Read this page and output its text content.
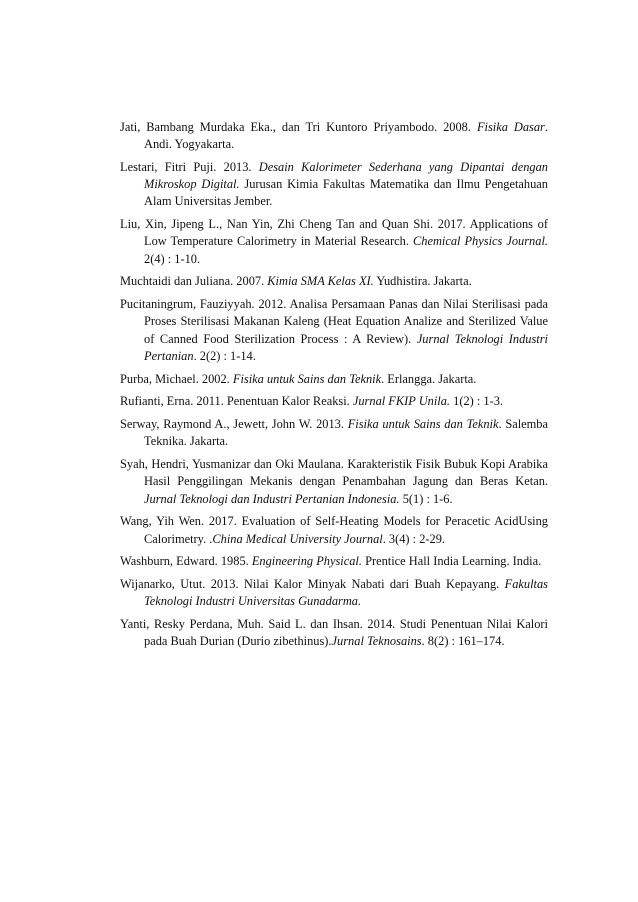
Jati, Bambang Murdaka Eka., dan Tri Kuntoro Priyambodo. 2008. Fisika Dasar. Andi. Yogyakarta.
Lestari, Fitri Puji. 2013. Desain Kalorimeter Sederhana yang Dipantai dengan Mikroskop Digital. Jurusan Kimia Fakultas Matematika dan Ilmu Pengetahuan Alam Universitas Jember.
Liu, Xin, Jipeng L., Nan Yin, Zhi Cheng Tan and Quan Shi. 2017. Applications of Low Temperature Calorimetry in Material Research. Chemical Physics Journal. 2(4) : 1-10.
Muchtaidi dan Juliana. 2007. Kimia SMA Kelas XI. Yudhistira. Jakarta.
Pucitaningrum, Fauziyyah. 2012. Analisa Persamaan Panas dan Nilai Sterilisasi pada Proses Sterilisasi Makanan Kaleng (Heat Equation Analize and Sterilized Value of Canned Food Sterilization Process : A Review). Jurnal Teknologi Industri Pertanian. 2(2) : 1-14.
Purba, Michael. 2002. Fisika untuk Sains dan Teknik. Erlangga. Jakarta.
Rufianti, Erna. 2011. Penentuan Kalor Reaksi. Jurnal FKIP Unila. 1(2) : 1-3.
Serway, Raymond A., Jewett, John W. 2013. Fisika untuk Sains dan Teknik. Salemba Teknika. Jakarta.
Syah, Hendri, Yusmanizar dan Oki Maulana. Karakteristik Fisik Bubuk Kopi Arabika Hasil Penggilingan Mekanis dengan Penambahan Jagung dan Beras Ketan. Jurnal Teknologi dan Industri Pertanian Indonesia. 5(1) : 1-6.
Wang, Yih Wen. 2017. Evaluation of Self-Heating Models for Peracetic AcidUsing Calorimetry. .China Medical University Journal. 3(4) : 2-29.
Washburn, Edward. 1985. Engineering Physical. Prentice Hall India Learning. India.
Wijanarko, Utut. 2013. Nilai Kalor Minyak Nabati dari Buah Kepayang. Fakultas Teknologi Industri Universitas Gunadarma.
Yanti, Resky Perdana, Muh. Said L. dan Ihsan. 2014. Studi Penentuan Nilai Kalori pada Buah Durian (Durio zibethinus).Jurnal Teknosains. 8(2) : 161–174.
